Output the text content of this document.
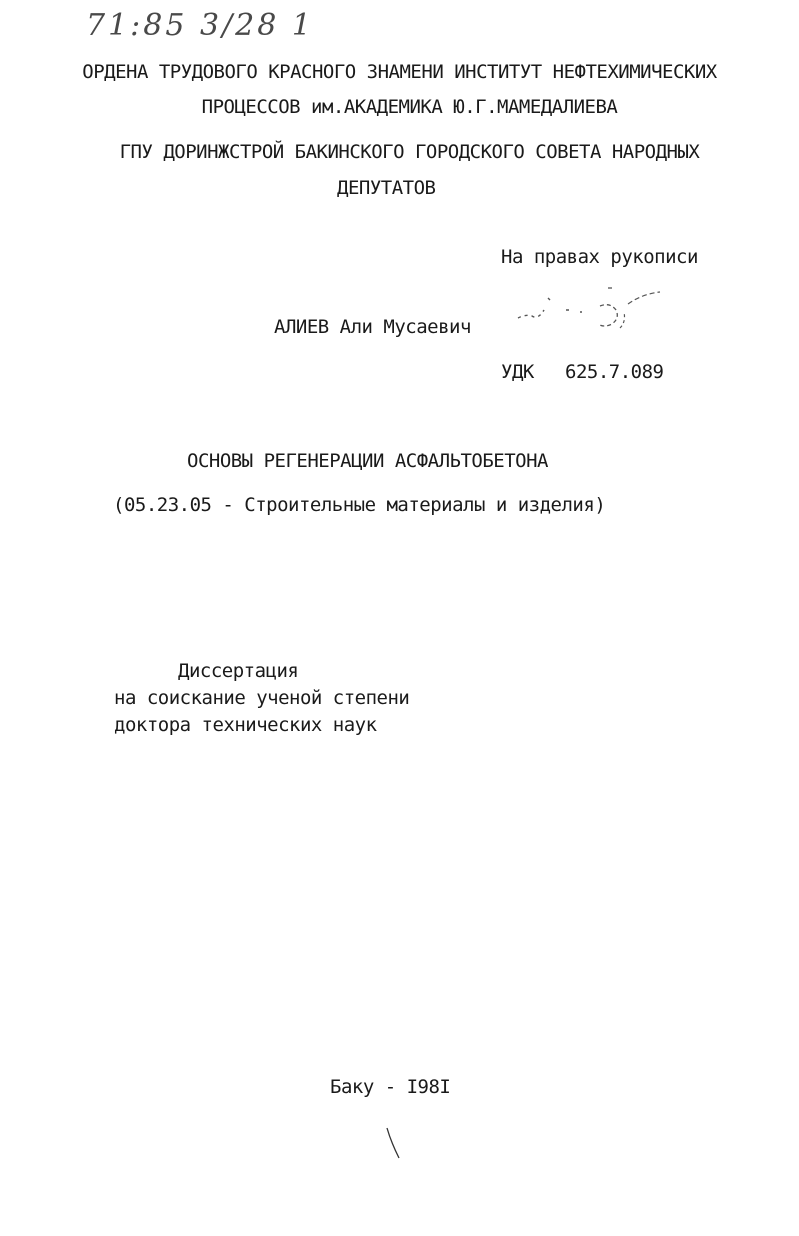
71:85 3/28 1
ОРДЕНА ТРУДОВОГО КРАСНОГО ЗНАМЕНИ ИНСТИТУТ НЕФТЕХИМИЧЕСКИХ
ПРОЦЕССОВ им.АКАДЕМИКА Ю.Г.МАМЕДАЛИЕВА
ГПУ ДОРИНЖСТРОЙ БАКИНСКОГО ГОРОДСКОГО СОВЕТА НАРОДНЫХ
ДЕПУТАТОВ
На правах рукописи
АЛИЕВ Али Мусаевич
УДК 625.7.089
ОСНОВЫ РЕГЕНЕРАЦИИ АСФАЛЬТОБЕТОНА
(05.23.05 - Строительные материалы и изделия)
Диссертация
на соискание ученой степени
доктора технических наук
Баку - I98I
